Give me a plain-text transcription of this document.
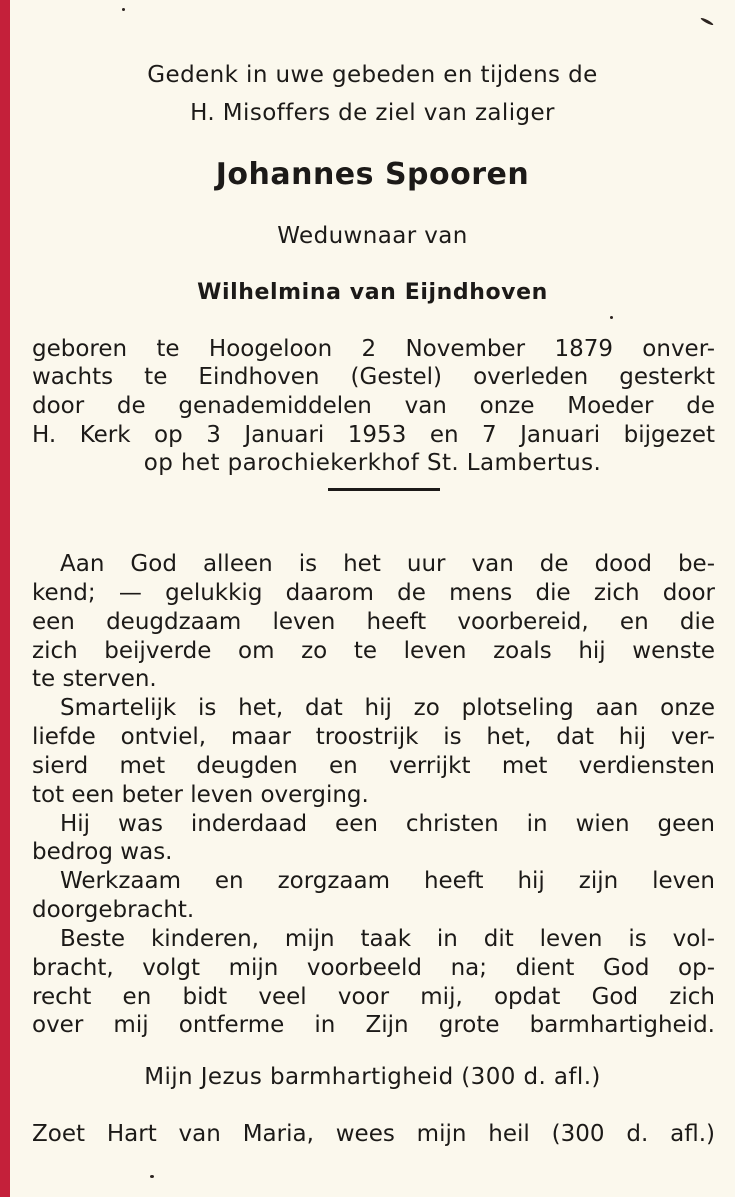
Gedenk in uwe gebeden en tijdens de
H. Misoffers de ziel van zaliger
Johannes Spooren
Weduwnaar van
Wilhelmina van Eijndhoven
geboren te Hoogeloon 2 November 1879 onver-
wachts te Eindhoven (Gestel) overleden gesterkt
door de genademiddelen van onze Moeder de
H. Kerk op 3 Januari 1953 en 7 Januari bijgezet
op het parochiekerkhof St. Lambertus.
Aan God alleen is het uur van de dood be-
kend; — gelukkig daarom de mens die zich door
een deugdzaam leven heeft voorbereid, en die
zich beijverde om zo te leven zoals hij wenste
te sterven.
Smartelijk is het, dat hij zo plotseling aan onze
liefde ontviel, maar troostrijk is het, dat hij ver-
sierd met deugden en verrijkt met verdiensten
tot een beter leven overging.
Hij was inderdaad een christen in wien geen
bedrog was.
Werkzaam en zorgzaam heeft hij zijn leven
doorgebracht.
Beste kinderen, mijn taak in dit leven is vol-
bracht, volgt mijn voorbeeld na; dient God op-
recht en bidt veel voor mij, opdat God zich
over mij ontferme in Zijn grote barmhartigheid.
Mijn Jezus barmhartigheid (300 d. afl.)
Zoet Hart van Maria, wees mijn heil (300 d. afl.)
